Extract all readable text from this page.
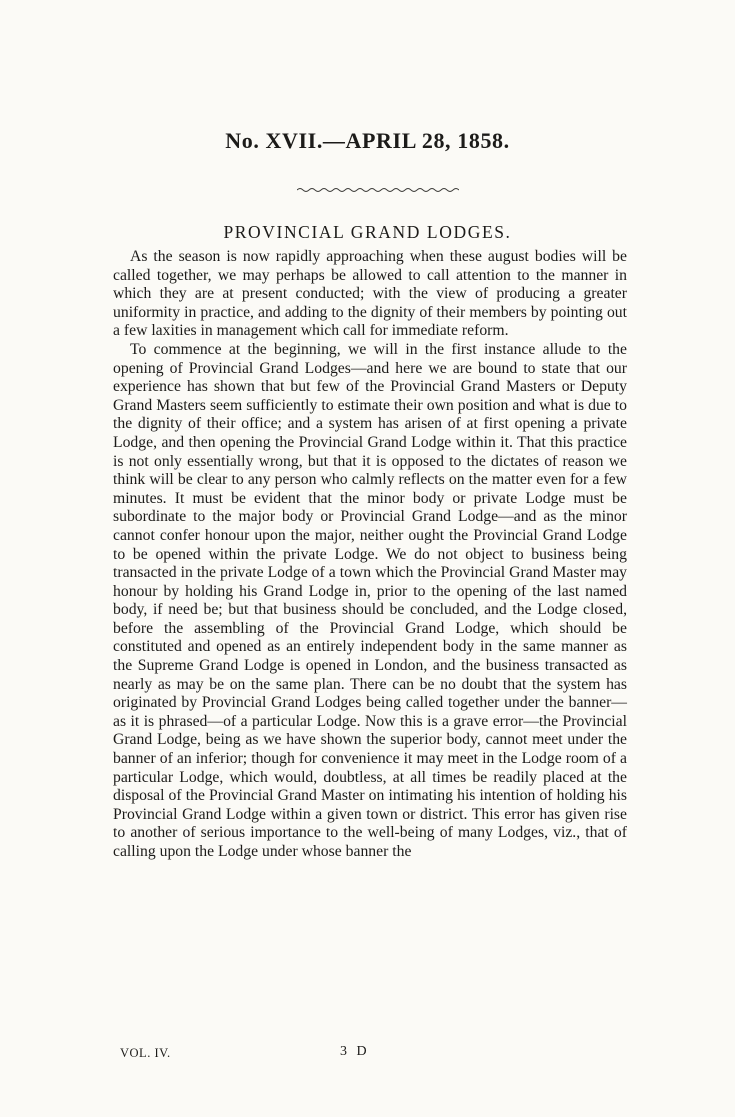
No. XVII.—APRIL 28, 1858.
PROVINCIAL GRAND LODGES.

As the season is now rapidly approaching when these august bodies will be called together, we may perhaps be allowed to call attention to the manner in which they are at present conducted; with the view of producing a greater uniformity in practice, and adding to the dignity of their members by pointing out a few laxities in management which call for immediate reform.

To commence at the beginning, we will in the first instance allude to the opening of Provincial Grand Lodges—and here we are bound to state that our experience has shown that but few of the Provincial Grand Masters or Deputy Grand Masters seem sufficiently to estimate their own position and what is due to the dignity of their office; and a system has arisen of at first opening a private Lodge, and then opening the Provincial Grand Lodge within it. That this practice is not only essentially wrong, but that it is opposed to the dictates of reason we think will be clear to any person who calmly reflects on the matter even for a few minutes. It must be evident that the minor body or private Lodge must be subordinate to the major body or Provincial Grand Lodge—and as the minor cannot confer honour upon the major, neither ought the Provincial Grand Lodge to be opened within the private Lodge. We do not object to business being transacted in the private Lodge of a town which the Provincial Grand Master may honour by holding his Grand Lodge in, prior to the opening of the last named body, if need be; but that business should be concluded, and the Lodge closed, before the assembling of the Provincial Grand Lodge, which should be constituted and opened as an entirely independent body in the same manner as the Supreme Grand Lodge is opened in London, and the business transacted as nearly as may be on the same plan. There can be no doubt that the system has originated by Provincial Grand Lodges being called together under the banner—as it is phrased—of a particular Lodge. Now this is a grave error—the Provincial Grand Lodge, being as we have shown the superior body, cannot meet under the banner of an inferior; though for convenience it may meet in the Lodge room of a particular Lodge, which would, doubtless, at all times be readily placed at the disposal of the Provincial Grand Master on intimating his intention of holding his Provincial Grand Lodge within a given town or district. This error has given rise to another of serious importance to the well-being of many Lodges, viz., that of calling upon the Lodge under whose banner the

VOL. IV.	3 D
